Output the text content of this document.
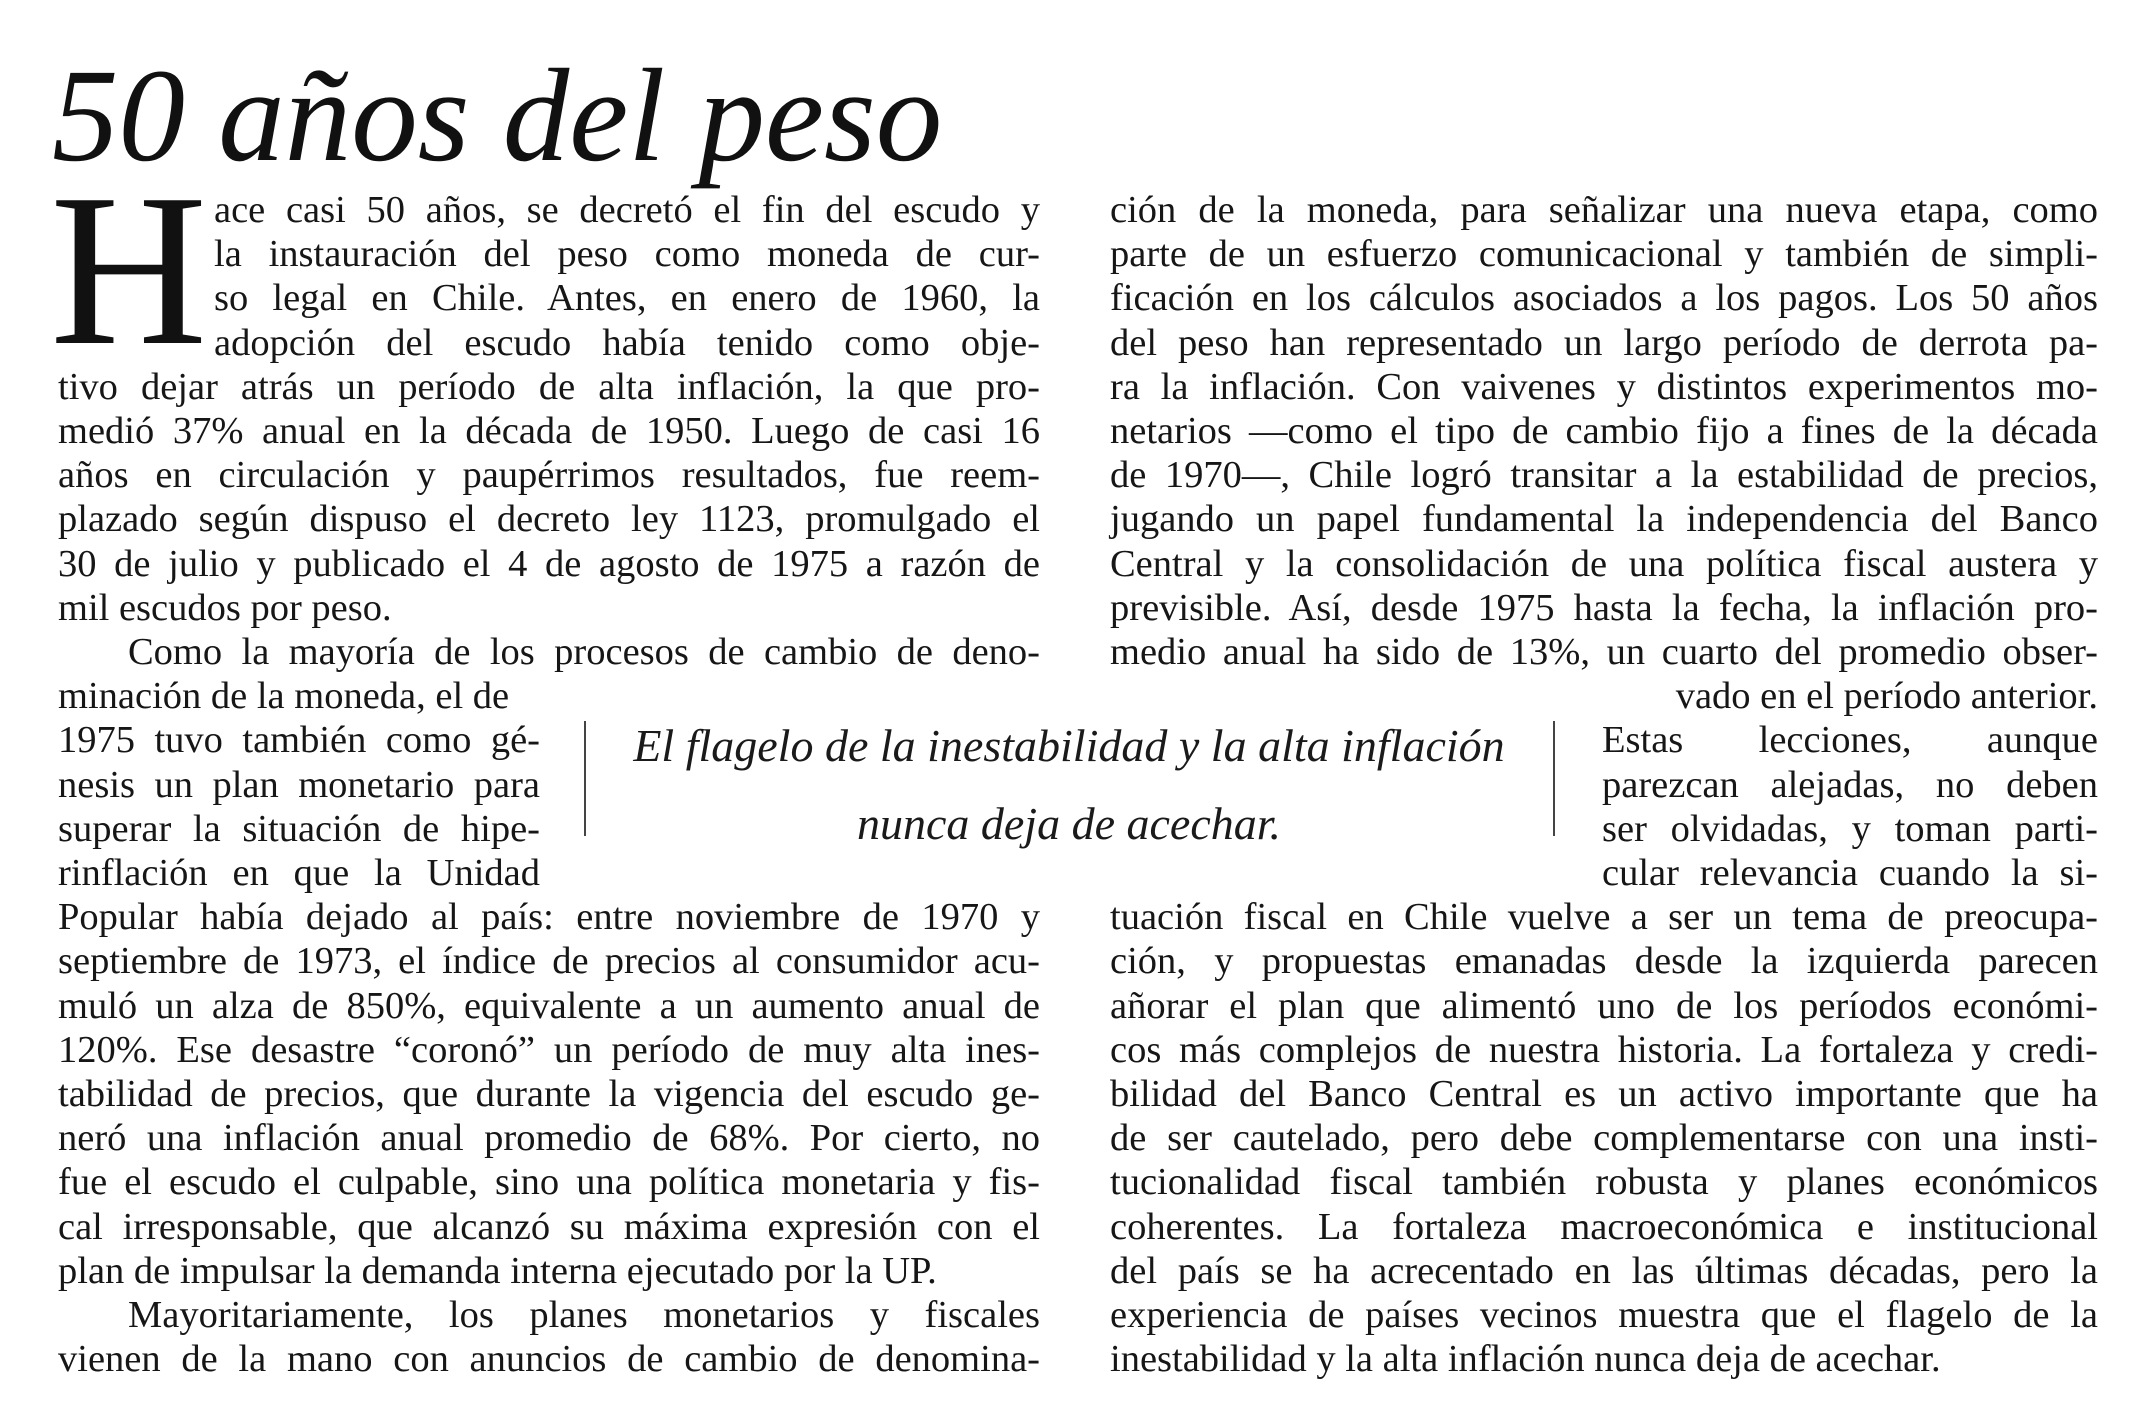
50 años del peso
H ace casi 50 años, se decretó el fin del escudo y
la instauración del peso como moneda de cur-
so legal en Chile. Antes, en enero de 1960, la
adopción del escudo había tenido como obje-
tivo dejar atrás un período de alta inflación, la que pro-
medió 37% anual en la década de 1950. Luego de casi 16
años en circulación y paupérrimos resultados, fue reem-
plazado según dispuso el decreto ley 1123, promulgado el
30 de julio y publicado el 4 de agosto de 1975 a razón de
mil escudos por peso.
Como la mayoría de los procesos de cambio de deno-
minación de la moneda, el de
1975 tuvo también como gé-
nesis un plan monetario para
superar la situación de hipe-
rinflación en que la Unidad
Popular había dejado al país: entre noviembre de 1970 y
septiembre de 1973, el índice de precios al consumidor acu-
muló un alza de 850%, equivalente a un aumento anual de
120%. Ese desastre “coronó” un período de muy alta ines-
tabilidad de precios, que durante la vigencia del escudo ge-
neró una inflación anual promedio de 68%. Por cierto, no
fue el escudo el culpable, sino una política monetaria y fis-
cal irresponsable, que alcanzó su máxima expresión con el
plan de impulsar la demanda interna ejecutado por la UP.
Mayoritariamente, los planes monetarios y fiscales
vienen de la mano con anuncios de cambio de denomina-
ción de la moneda, para señalizar una nueva etapa, como
parte de un esfuerzo comunicacional y también de simpli-
ficación en los cálculos asociados a los pagos. Los 50 años
del peso han representado un largo período de derrota pa-
ra la inflación. Con vaivenes y distintos experimentos mo-
netarios —como el tipo de cambio fijo a fines de la década
de 1970—, Chile logró transitar a la estabilidad de precios,
jugando un papel fundamental la independencia del Banco
Central y la consolidación de una política fiscal austera y
previsible. Así, desde 1975 hasta la fecha, la inflación pro-
medio anual ha sido de 13%, un cuarto del promedio obser-
vado en el período anterior.
Estas lecciones, aunque
parezcan alejadas, no deben
ser olvidadas, y toman parti-
cular relevancia cuando la si-
tuación fiscal en Chile vuelve a ser un tema de preocupa-
ción, y propuestas emanadas desde la izquierda parecen
añorar el plan que alimentó uno de los períodos económi-
cos más complejos de nuestra historia. La fortaleza y credi-
bilidad del Banco Central es un activo importante que ha
de ser cautelado, pero debe complementarse con una insti-
tucionalidad fiscal también robusta y planes económicos
coherentes. La fortaleza macroeconómica e institucional
del país se ha acrecentado en las últimas décadas, pero la
experiencia de países vecinos muestra que el flagelo de la
inestabilidad y la alta inflación nunca deja de acechar.
El flagelo de la inestabilidad y la alta inflación
nunca deja de acechar.
